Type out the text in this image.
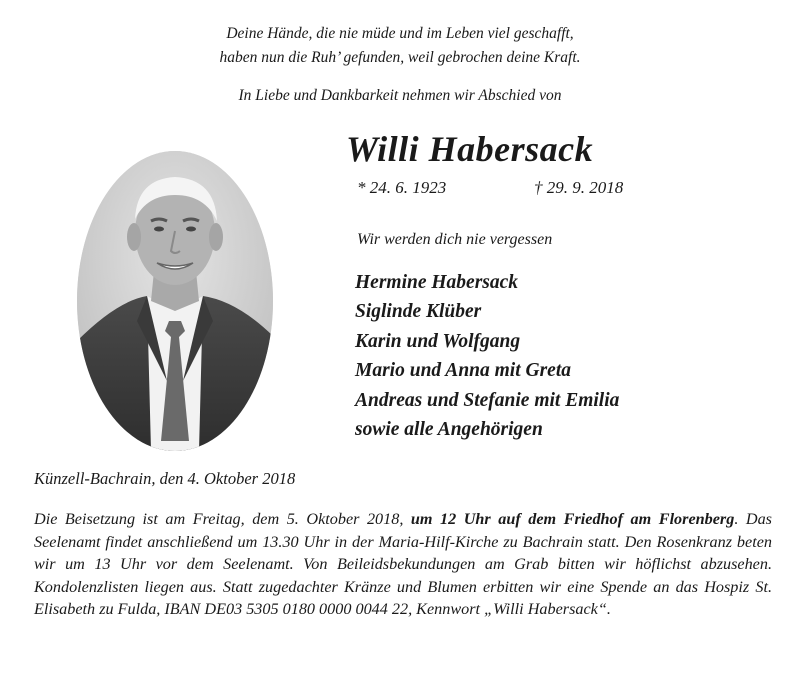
Deine Hände, die nie müde und im Leben viel geschafft,
haben nun die Ruh’ gefunden, weil gebrochen deine Kraft.
In Liebe und Dankbarkeit nehmen wir Abschied von
Willi Habersack
* 24. 6. 1923	† 29. 9. 2018
Wir werden dich nie vergessen
Hermine Habersack
Siglinde Klüber
Karin und Wolfgang
Mario und Anna mit Greta
Andreas und Stefanie mit Emilia
sowie alle Angehörigen
Künzell-Bachrain, den 4. Oktober 2018
Die Beisetzung ist am Freitag, dem 5. Oktober 2018, um 12 Uhr auf dem Friedhof am Florenberg. Das Seelenamt findet anschließend um 13.30 Uhr in der Maria-Hilf-Kirche zu Bachrain statt. Den Rosenkranz beten wir um 13 Uhr vor dem Seelenamt. Von Beileidsbekundungen am Grab bitten wir höflichst abzusehen. Kondolenzlisten liegen aus. Statt zugedachter Kränze und Blumen erbitten wir eine Spende an das Hospiz St. Elisabeth zu Fulda, IBAN DE03 5305 0180 0000 0044 22, Kennwort „Willi Habersack“.
